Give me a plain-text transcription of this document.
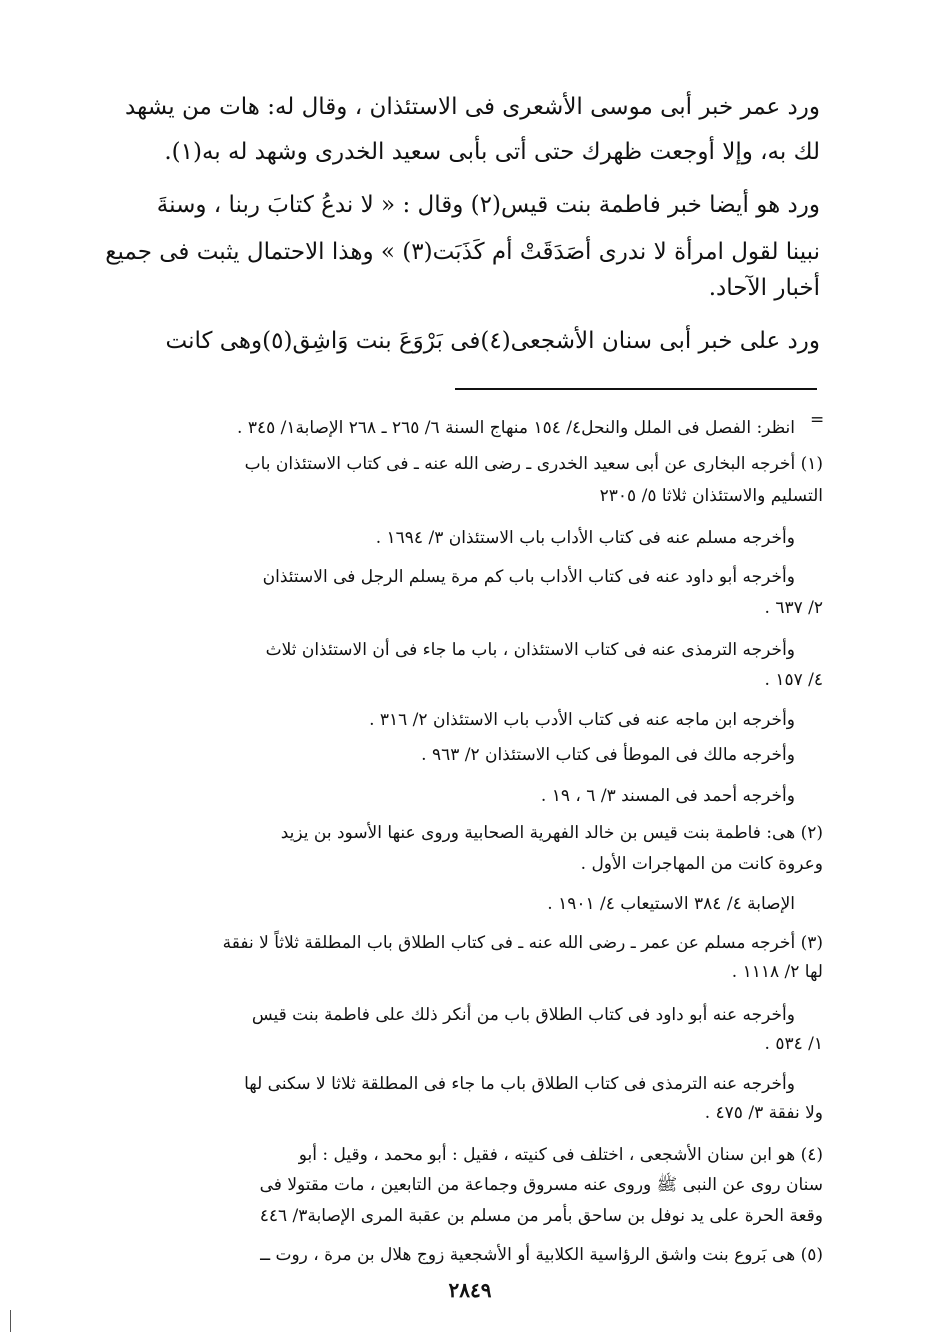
ورد عمر خبر أبى موسى الأشعرى فى الاستئذان ، وقال له: هات من يشهد
لك به، وإلا أوجعت ظهرك حتى أتى بأبى سعيد الخدرى وشهد له به(١).
ورد هو أيضا خبر فاطمة بنت قيس(٢) وقال : « لا ندعُ كتابَ ربنا ، وسنةَ
نبينا لقول امرأة لا ندرى أصَدَقَتْ أم كَذَبَت(٣) » وهذا الاحتمال يثبت فى جميع
أخبار الآحاد.
ورد على خبر أبى سنان الأشجعى(٤)فى بَرْوَعَ بنت وَاشِق(٥)وهى كانت
=
انظر: الفصل فى الملل والنحل٤/ ١٥٤ منهاج السنة ٦/ ٢٦٥ ـ ٢٦٨ الإصابة١/ ٣٤٥ .
(١) أخرجه البخارى عن أبى سعيد الخدرى ـ رضى الله عنه ـ فى كتاب الاستئذان باب
التسليم والاستئذان ثلاثا ٥/ ٢٣٠٥
وأخرجه مسلم عنه فى كتاب الأداب باب الاستئذان ٣/ ١٦٩٤ .
وأخرجه أبو داود عنه فى كتاب الأداب باب كم مرة يسلم الرجل فى الاستئذان
٢/ ٦٣٧ .
وأخرجه الترمذى عنه فى كتاب الاستئذان ، باب ما جاء فى أن الاستئذان ثلاث
٤/ ١٥٧ .
وأخرجه ابن ماجه عنه فى كتاب الأدب باب الاستئذان ٢/ ٣١٦ .
وأخرجه مالك فى الموطأ فى كتاب الاستئذان ٢/ ٩٦٣ .
وأخرجه أحمد فى المسند ٣/ ٦ ، ١٩ .
(٢) هى: فاطمة بنت قيس بن خالد الفهرية الصحابية وروى عنها الأسود بن يزيد
وعروة كانت من المهاجرات الأول .
الإصابة ٤/ ٣٨٤ الاستيعاب ٤/ ١٩٠١ .
(٣) أخرجه مسلم عن عمر ـ رضى الله عنه ـ فى كتاب الطلاق باب المطلقة ثلاثاً لا نفقة
لها ٢/ ١١١٨ .
وأخرجه عنه أبو داود فى كتاب الطلاق باب من أنكر ذلك على فاطمة بنت قيس
١/ ٥٣٤ .
وأخرجه عنه الترمذى فى كتاب الطلاق باب ما جاء فى المطلقة ثلاثا لا سكنى لها
ولا نفقة ٣/ ٤٧٥ .
(٤) هو ابن سنان الأشجعى ، اختلف فى كنيته ، فقيل : أبو محمد ، وقيل : أبو
سنان روى عن النبى ﷺ وروى عنه مسروق وجماعة من التابعين ، مات مقتولا فى
وقعة الحرة على يد نوفل بن ساحق بأمر من مسلم بن عقبة المرى الإصابة٣/ ٤٤٦
(٥) هى بَروع بنت واشق الرؤاسية الكلابية أو الأشجعية زوج هلال بن مرة ، روت ــ
٢٨٤٩
